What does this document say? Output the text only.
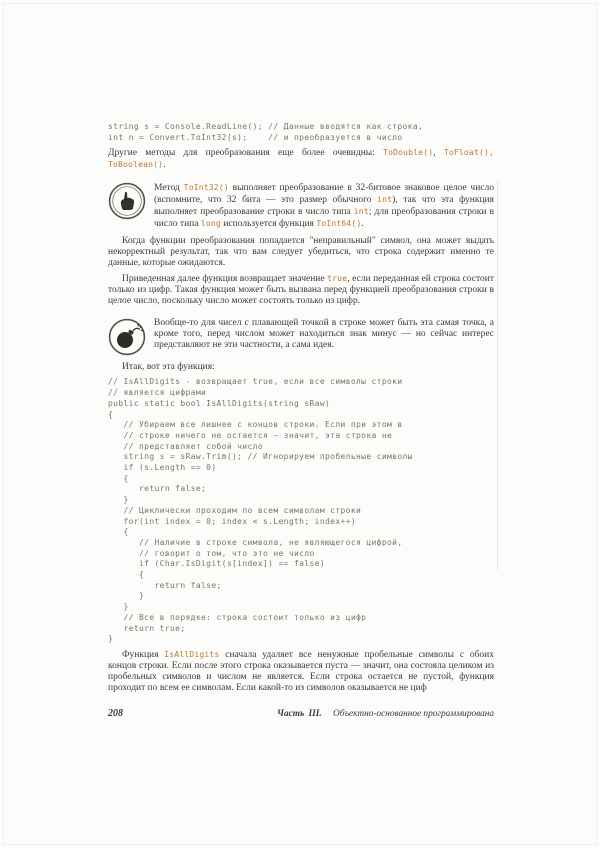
string s = Console.ReadLine(); // Данные вводятся как строка,
int n = Convert.ToInt32(s);    // и преобразуется в число

Другие методы для преобразования еще более очевидны: ToDouble(), ToFloat(), ToBoolean().

Метод ToInt32() выполняет преобразование в 32-битовое знаковое целое число (вспомните, что 32 бита — это размер обычного int), так что эта функция выполняет преобразование строки в число типа int; для преобразования строки в число типа long используется функция ToInt64().

Когда функции преобразования попадается "неправильный" символ, она может выдать некорректный результат, так что вам следует убедиться, что строка содержит именно те данные, которые ожидаются.

Приведенная далее функция возвращает значение true, если переданная ей строка состоит только из цифр. Такая функция может быть вызвана перед функцией преобразования строки в целое число, поскольку число может состоять только из цифр.

Вообще-то для чисел с плавающей точкой в строке может быть эта самая точка, а кроме того, перед числом может находиться знак минус — но сейчас интерес представляют не эти частности, а сама идея.

Итак, вот эта функция:

// IsAllDigits - возвращает true, если все символы строки
// является цифрами
public static bool IsAllDigits(string sRaw)
{
// Убираем все лишнее с концов строки. Если при этом в
// строке ничего не остается — значит, эта строка не
// представляет собой число
string s = sRaw.Trim(); // Игнорируем пробельные символы
if (s.Length == 0)
{
return false;
}
// Циклически проходим по всем символам строки
for(int index = 0; index < s.Length; index++)
{
// Наличие в строке символа, не являющегося цифрой,
// говорит о том, что это не число
if (Char.IsDigit(s[index]) == false)
{
return false;
}
}
// Все в порядке: строка состоит только из цифр
return true;
}

Функция IsAllDigits сначала удаляет все ненужные пробельные символы с обоих концов строки. Если после этого строка оказывается пуста — значит, она состояла целиком из пробельных символов и числом не является. Если строка остается не пустой, функция проходит по всем ее символам. Если какой-то из символов оказывается не циф

208	Часть III. Объектно-основанное программирована
